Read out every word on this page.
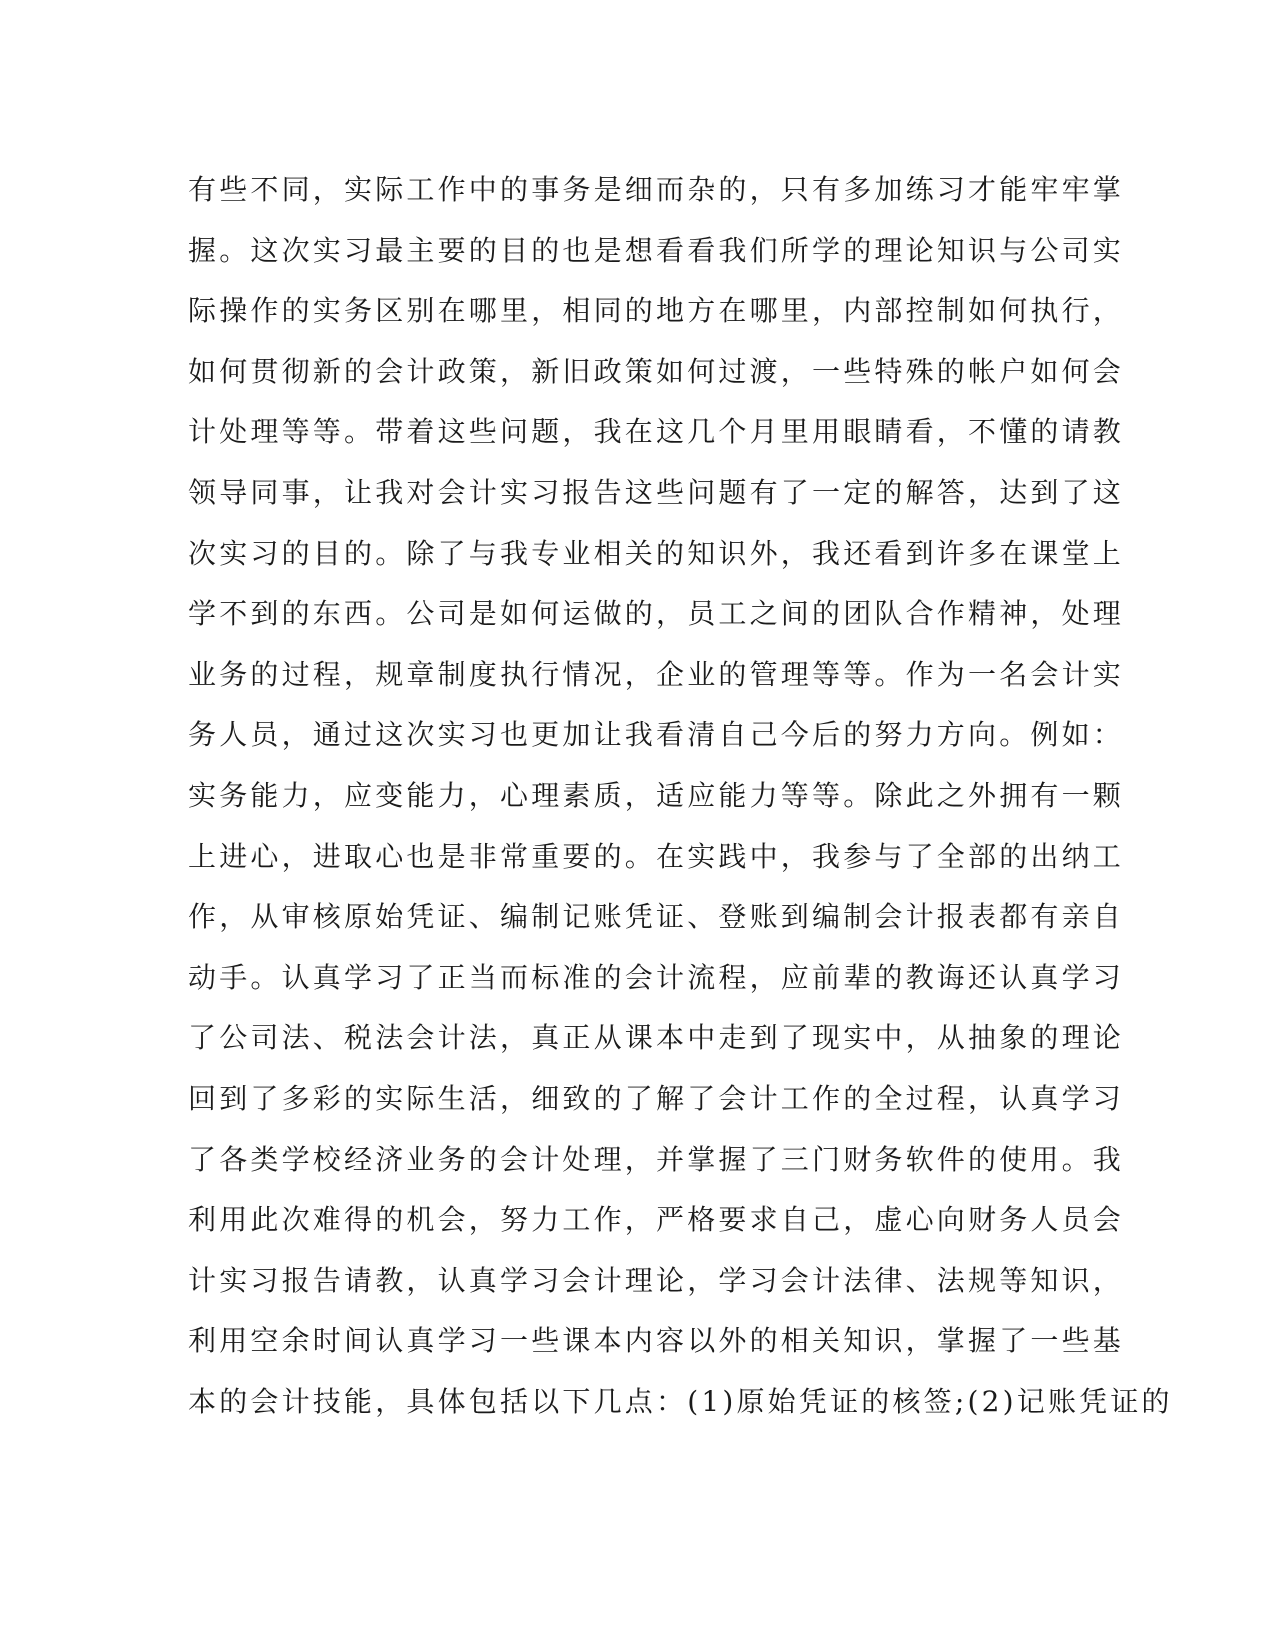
有些不同，实际工作中的事务是细而杂的，只有多加练习才能牢牢掌
握。这次实习最主要的目的也是想看看我们所学的理论知识与公司实
际操作的实务区别在哪里，相同的地方在哪里，内部控制如何执行，
如何贯彻新的会计政策，新旧政策如何过渡，一些特殊的帐户如何会
计处理等等。带着这些问题，我在这几个月里用眼睛看，不懂的请教
领导同事，让我对会计实习报告这些问题有了一定的解答，达到了这
次实习的目的。除了与我专业相关的知识外，我还看到许多在课堂上
学不到的东西。公司是如何运做的，员工之间的团队合作精神，处理
业务的过程，规章制度执行情况，企业的管理等等。作为一名会计实
务人员，通过这次实习也更加让我看清自己今后的努力方向。例如：
实务能力，应变能力，心理素质，适应能力等等。除此之外拥有一颗
上进心，进取心也是非常重要的。在实践中，我参与了全部的出纳工
作，从审核原始凭证、编制记账凭证、登账到编制会计报表都有亲自
动手。认真学习了正当而标准的会计流程，应前辈的教诲还认真学习
了公司法、税法会计法，真正从课本中走到了现实中，从抽象的理论
回到了多彩的实际生活，细致的了解了会计工作的全过程，认真学习
了各类学校经济业务的会计处理，并掌握了三门财务软件的使用。我
利用此次难得的机会，努力工作，严格要求自己，虚心向财务人员会
计实习报告请教，认真学习会计理论，学习会计法律、法规等知识，
利用空余时间认真学习一些课本内容以外的相关知识，掌握了一些基
本的会计技能，具体包括以下几点：(1)原始凭证的核签;(2)记账凭证的
